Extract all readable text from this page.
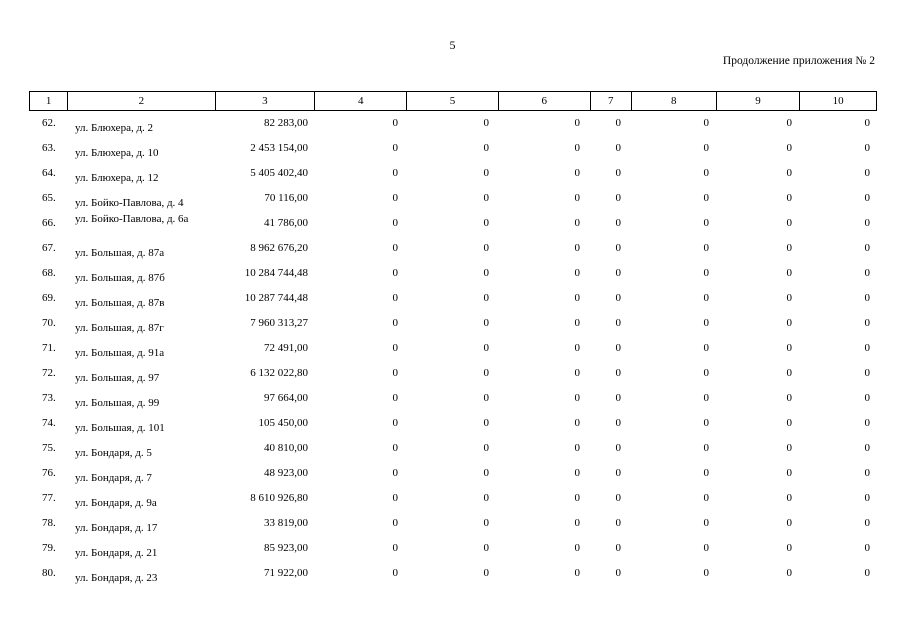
5
Продолжение приложения № 2
1	2	3	4	5	6	7	8	9	10
62. ул. Блюхера, д. 2	82 283,00	0	0	0	0	0	0	0
63. ул. Блюхера, д. 10	2 453 154,00	0	0	0	0	0	0	0
64. ул. Блюхера, д. 12	5 405 402,40	0	0	0	0	0	0	0
65. ул. Бойко-Павлова, д. 4	70 116,00	0	0	0	0	0	0	0
66. ул. Бойко-Павлова, д. 6а	41 786,00	0	0	0	0	0	0	0
67. ул. Большая, д. 87а	8 962 676,20	0	0	0	0	0	0	0
68. ул. Большая, д. 87б	10 284 744,48	0	0	0	0	0	0	0
69. ул. Большая, д. 87в	10 287 744,48	0	0	0	0	0	0	0
70. ул. Большая, д. 87г	7 960 313,27	0	0	0	0	0	0	0
71. ул. Большая, д. 91а	72 491,00	0	0	0	0	0	0	0
72. ул. Большая, д. 97	6 132 022,80	0	0	0	0	0	0	0
73. ул. Большая, д. 99	97 664,00	0	0	0	0	0	0	0
74. ул. Большая, д. 101	105 450,00	0	0	0	0	0	0	0
75. ул. Бондаря, д. 5	40 810,00	0	0	0	0	0	0	0
76. ул. Бондаря, д. 7	48 923,00	0	0	0	0	0	0	0
77. ул. Бондаря, д. 9а	8 610 926,80	0	0	0	0	0	0	0
78. ул. Бондаря, д. 17	33 819,00	0	0	0	0	0	0	0
79. ул. Бондаря, д. 21	85 923,00	0	0	0	0	0	0	0
80. ул. Бондаря, д. 23	71 922,00	0	0	0	0	0	0	0
